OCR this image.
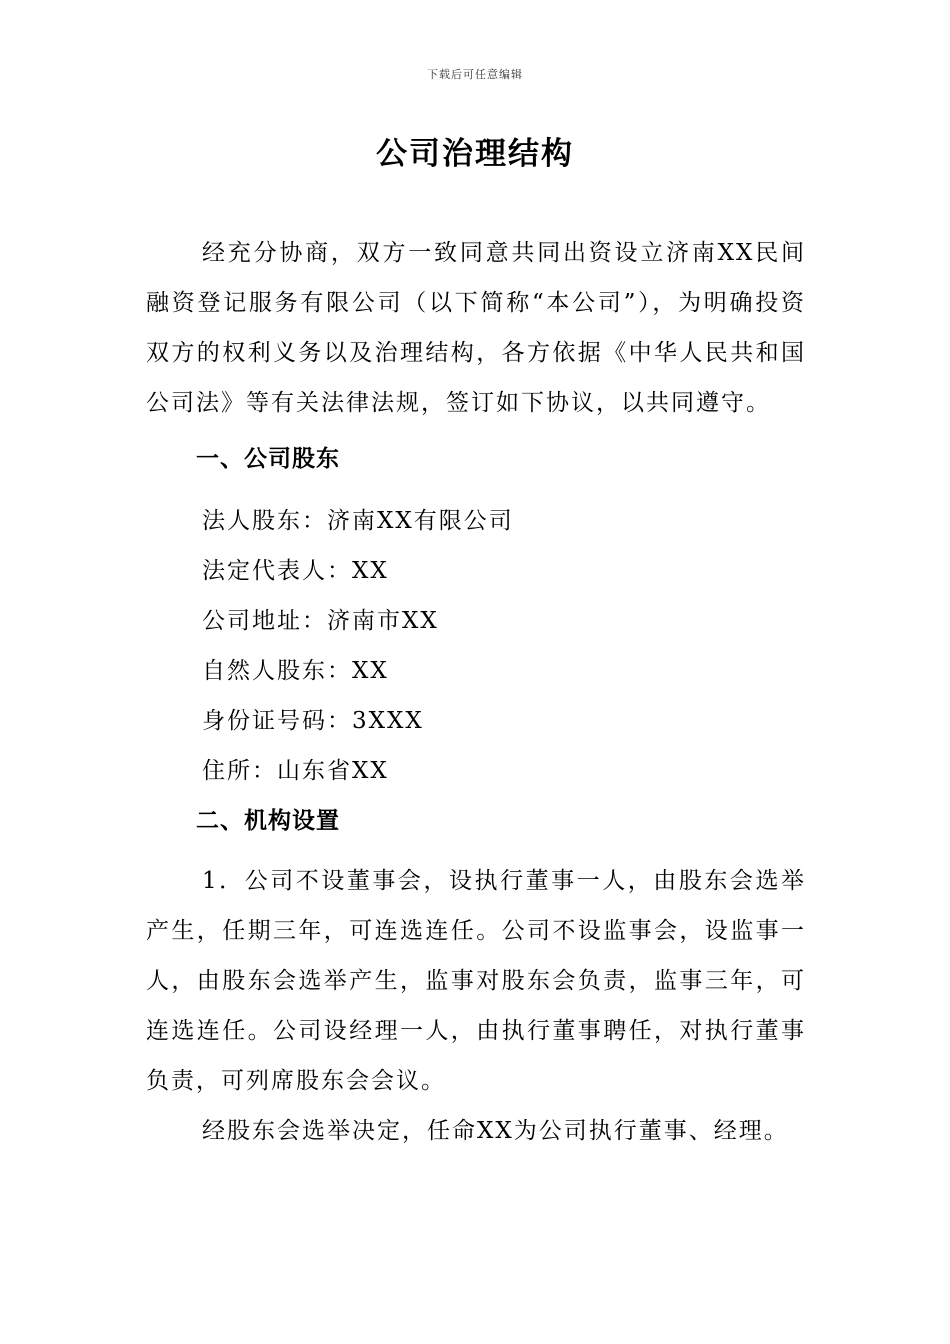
下载后可任意编辑
公司治理结构

经充分协商，双方一致同意共同出资设立济南XX民间融资登记服务有限公司（以下简称“本公司”），为明确投资双方的权利义务以及治理结构，各方依据《中华人民共和国公司法》等有关法律法规，签订如下协议，以共同遵守。

一、公司股东

法人股东：济南XX有限公司

法定代表人：XX

公司地址：济南市XX

自然人股东：XX

身份证号码：3XXX

住所：山东省XX

二、机构设置

1．公司不设董事会，设执行董事一人，由股东会选举产生，任期三年，可连选连任。公司不设监事会，设监事一人，由股东会选举产生，监事对股东会负责，监事三年，可连选连任。公司设经理一人，由执行董事聘任，对执行董事负责，可列席股东会会议。

经股东会选举决定，任命XX为公司执行董事、经理。
